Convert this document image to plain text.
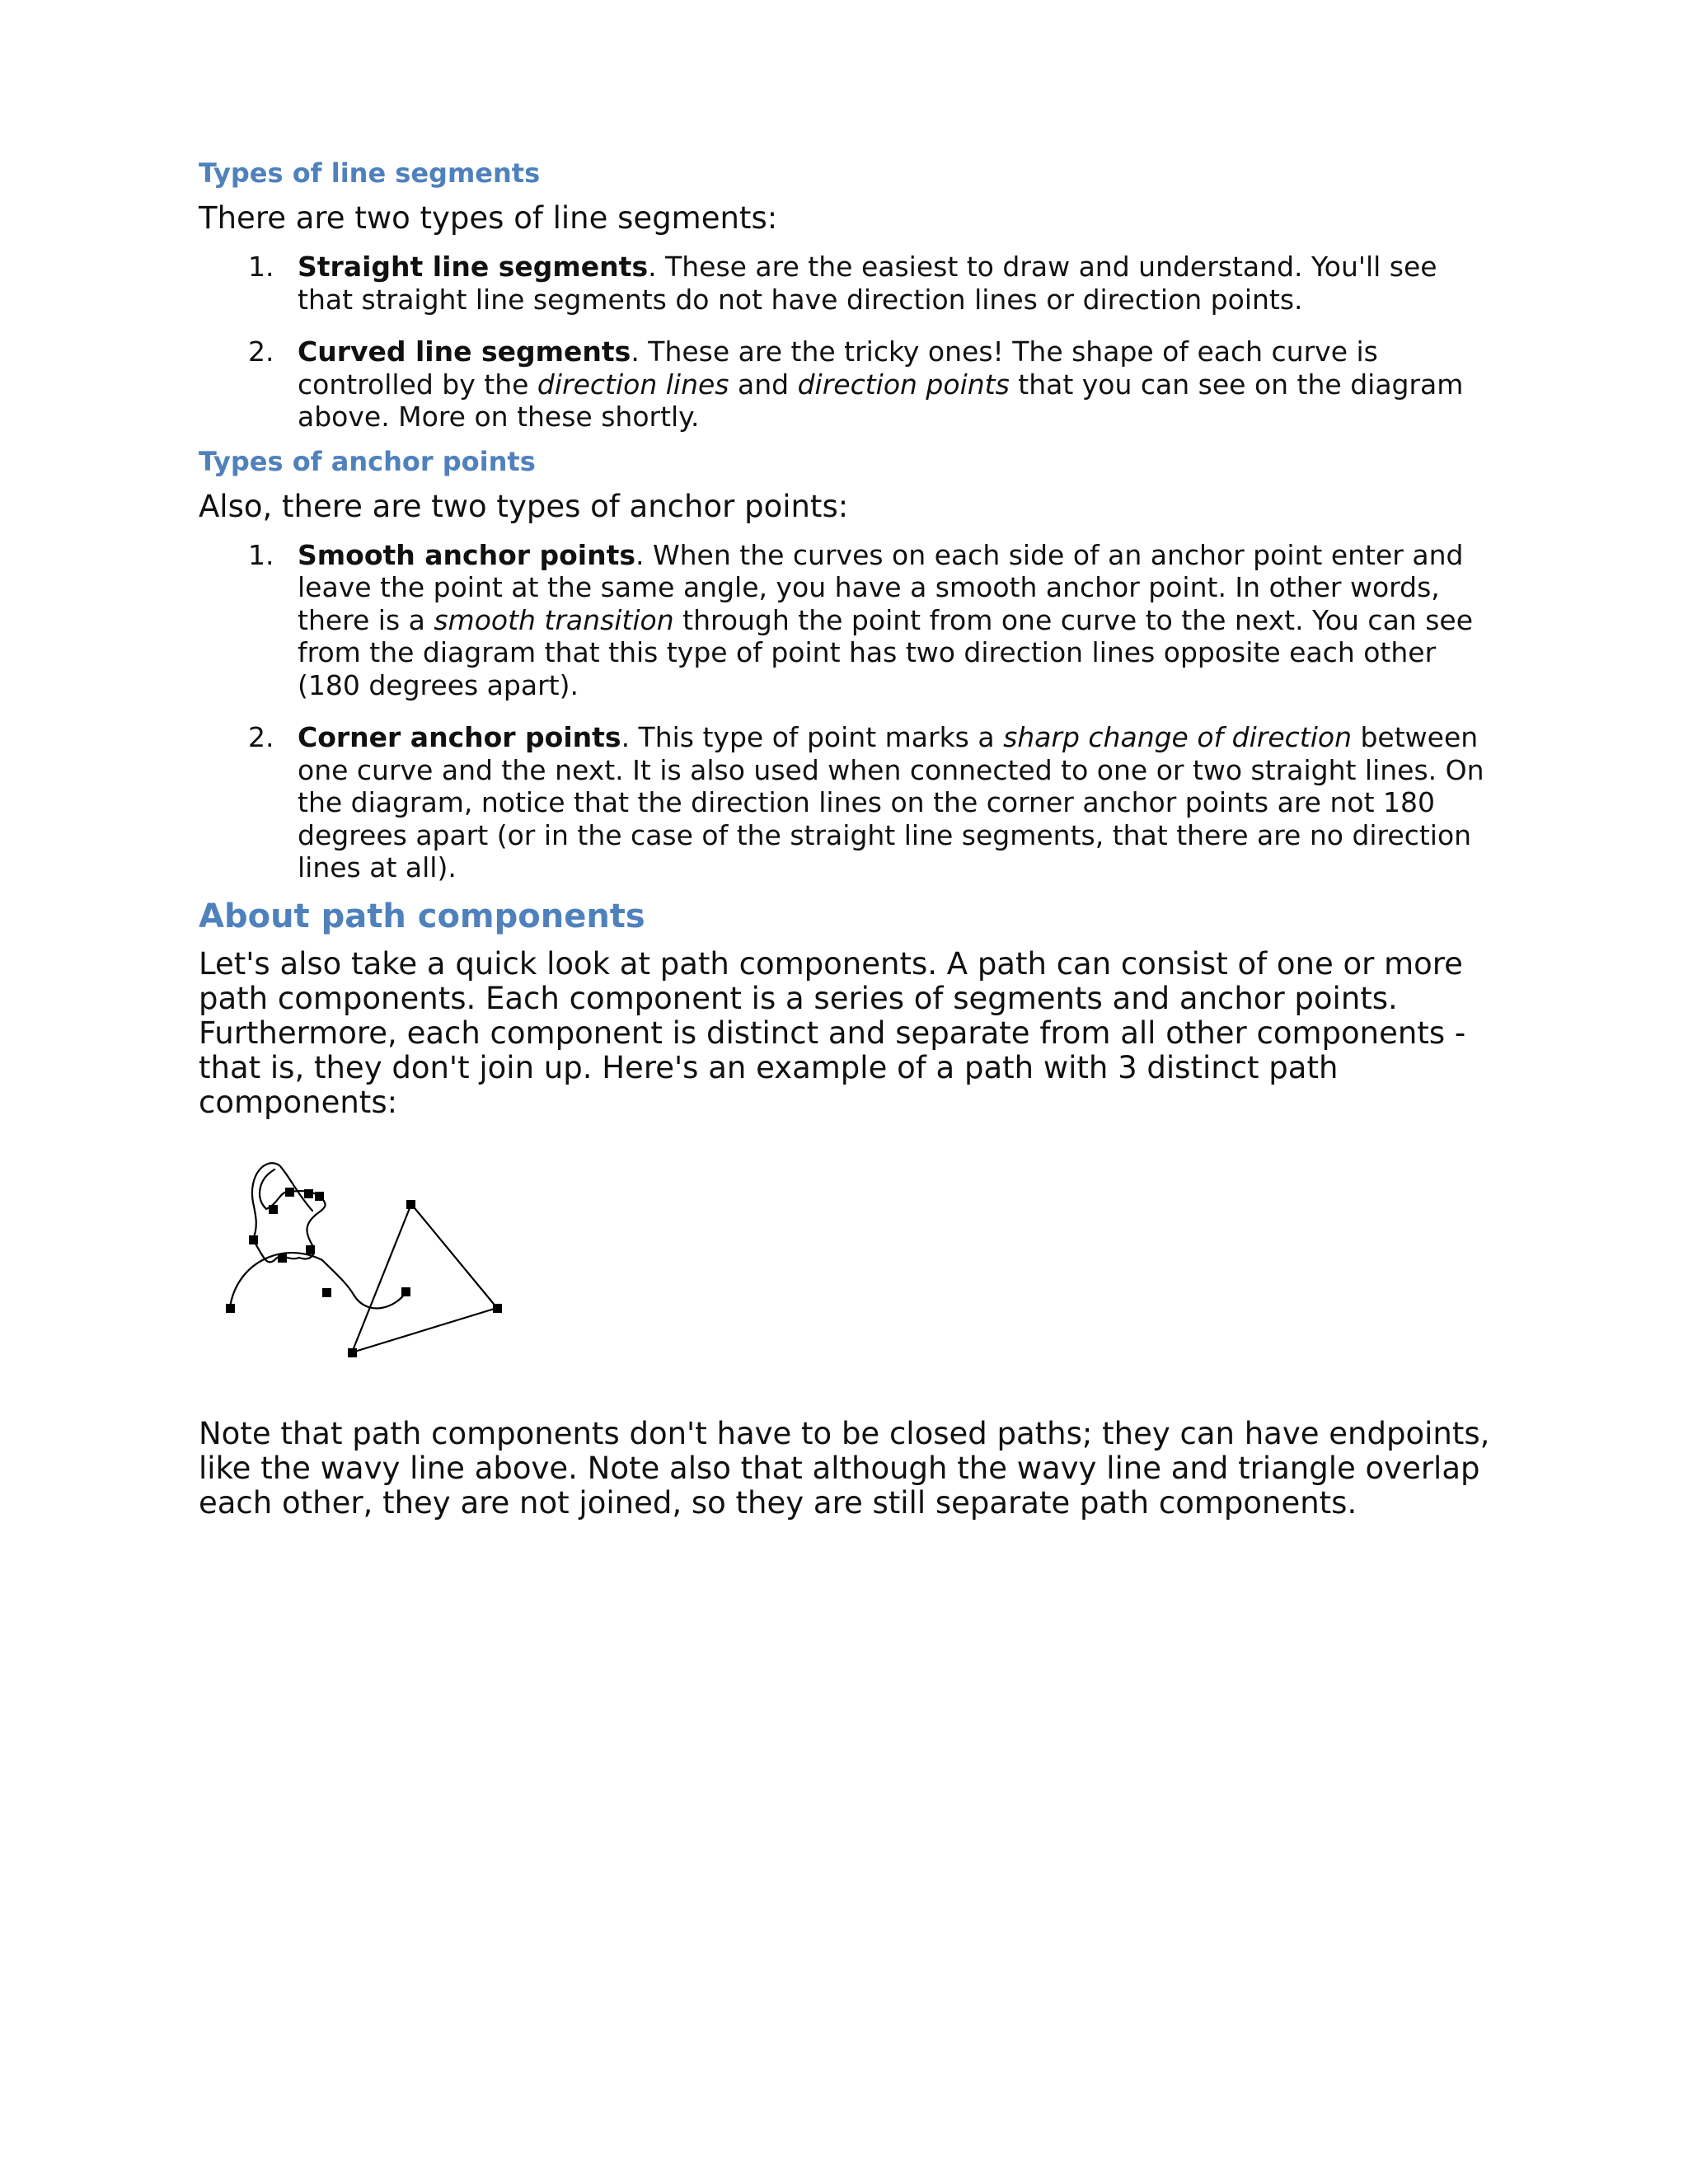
Types of line segments

There are two types of line segments:

1. Straight line segments. These are the easiest to draw and understand. You'll see that straight line segments do not have direction lines or direction points.
2. Curved line segments. These are the tricky ones! The shape of each curve is controlled by the direction lines and direction points that you can see on the diagram above. More on these shortly.
Types of anchor points

Also, there are two types of anchor points:

1. Smooth anchor points. When the curves on each side of an anchor point enter and leave the point at the same angle, you have a smooth anchor point. In other words, there is a smooth transition through the point from one curve to the next. You can see from the diagram that this type of point has two direction lines opposite each other (180 degrees apart).
2. Corner anchor points. This type of point marks a sharp change of direction between one curve and the next. It is also used when connected to one or two straight lines. On the diagram, notice that the direction lines on the corner anchor points are not 180 degrees apart (or in the case of the straight line segments, that there are no direction lines at all).
About path components

Let's also take a quick look at path components. A path can consist of one or more path components. Each component is a series of segments and anchor points. Furthermore, each component is distinct and separate from all other components - that is, they don't join up. Here's an example of a path with 3 distinct path components:

Note that path components don't have to be closed paths; they can have endpoints, like the wavy line above. Note also that although the wavy line and triangle overlap each other, they are not joined, so they are still separate path components.
